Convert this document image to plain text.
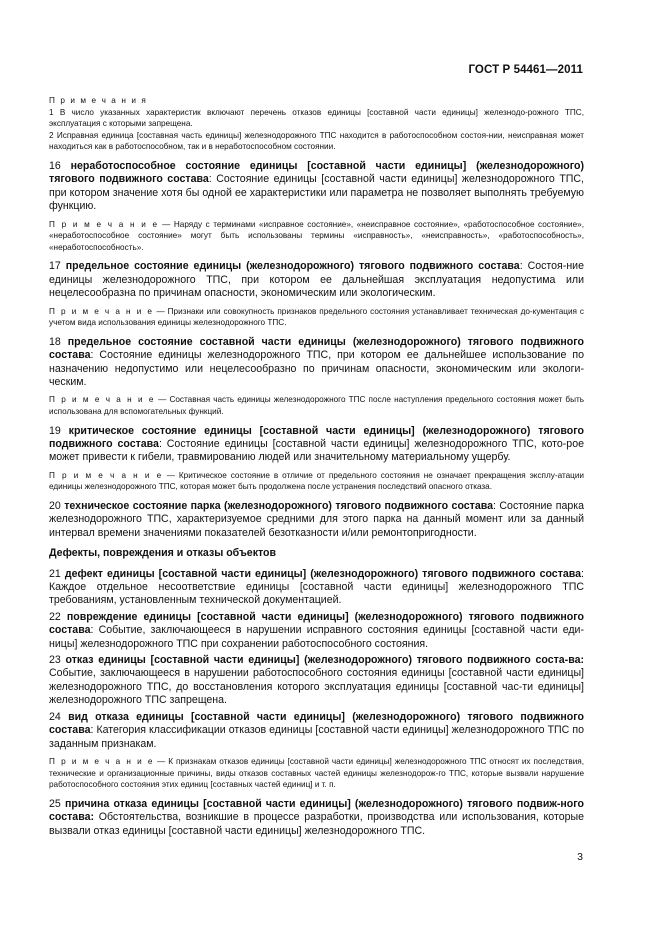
ГОСТ Р 54461—2011

П р и м е ч а н и я

1 В число указанных характеристик включают перечень отказов единицы [составной части единицы] железнодо-рожного ТПС, эксплуатация с которыми запрещена.

2 Исправная единица [составная часть единицы] железнодорожного ТПС находится в работоспособном состоя-нии, неисправная может находиться как в работоспособном, так и в неработоспособном состоянии.

16 неработоспособное состояние единицы [составной части единицы] (железнодорожного) тягового подвижного состава: Состояние единицы [составной части единицы] железнодорожного ТПС, при котором значение хотя бы одной ее характеристики или параметра не позволяет выполнять требуемую функцию.

П р и м е ч а н и е — Наряду с терминами «исправное состояние», «неисправное состояние», «работоспособное состояние», «неработоспособное состояние» могут быть использованы термины «исправность», «неисправность», «работоспособность», «неработоспособность».

17 предельное состояние единицы (железнодорожного) тягового подвижного состава: Состоя-ние единицы железнодорожного ТПС, при котором ее дальнейшая эксплуатация недопустима или нецелесообразна по причинам опасности, экономическим или экологическим.

П р и м е ч а н и е — Признаки или совокупность признаков предельного состояния устанавливает техническая до-кументация с учетом вида использования единицы железнодорожного ТПС.

18 предельное состояние составной части единицы (железнодорожного) тягового подвижного состава: Состояние единицы железнодорожного ТПС, при котором ее дальнейшее использование по назначению недопустимо или нецелесообразно по причинам опасности, экономическим или экологи-ческим.

П р и м е ч а н и е — Составная часть единицы железнодорожного ТПС после наступления предельного состояния может быть использована для вспомогательных функций.

19 критическое состояние единицы [составной части единицы] (железнодорожного) тягового подвижного состава: Состояние единицы [составной части единицы] железнодорожного ТПС, кото-рое может привести к гибели, травмированию людей или значительному материальному ущербу.

П р и м е ч а н и е — Критическое состояние в отличие от предельного состояния не означает прекращения эксплу-атации единицы железнодорожного ТПС, которая может быть продолжена после устранения последствий опасного отказа.

20 техническое состояние парка (железнодорожного) тягового подвижного состава: Состояние парка железнодорожного ТПС, характеризуемое средними для этого парка на данный момент или за данный интервал времени значениями показателей безотказности и/или ремонтопригодности.

Дефекты, повреждения и отказы объектов

21 дефект единицы [составной части единицы] (железнодорожного) тягового подвижного состава: Каждое отдельное несоответствие единицы [составной части единицы] железнодорожного ТПС требованиям, установленным технической документацией.

22 повреждение единицы [составной части единицы] (железнодорожного) тягового подвижного состава: Событие, заключающееся в нарушении исправного состояния единицы [составной части еди-ницы] железнодорожного ТПС при сохранении работоспособного состояния.

23 отказ единицы [составной части единицы] (железнодорожного) тягового подвижного соста-ва: Событие, заключающееся в нарушении работоспособного состояния единицы [составной части единицы] железнодорожного ТПС, до восстановления которого эксплуатация единицы [составной час-ти единицы] железнодорожного ТПС запрещена.

24 вид отказа единицы [составной части единицы] (железнодорожного) тягового подвижного состава: Категория классификации отказов единицы [составной части единицы] железнодорожного ТПС по заданным признакам.

П р и м е ч а н и е — К признакам отказов единицы [составной части единицы] железнодорожного ТПС относят их последствия, технические и организационные причины, виды отказов составных частей единицы железнодорож-го ТПС, которые вызвали нарушение работоспособного состояния этих единиц [составных частей единиц] и т. п.

25 причина отказа единицы [составной части единицы] (железнодорожного) тягового подвиж-ного состава: Обстоятельства, возникшие в процессе разработки, производства или использования, которые вызвали отказ единицы [составной части единицы] железнодорожного ТПС.

3
